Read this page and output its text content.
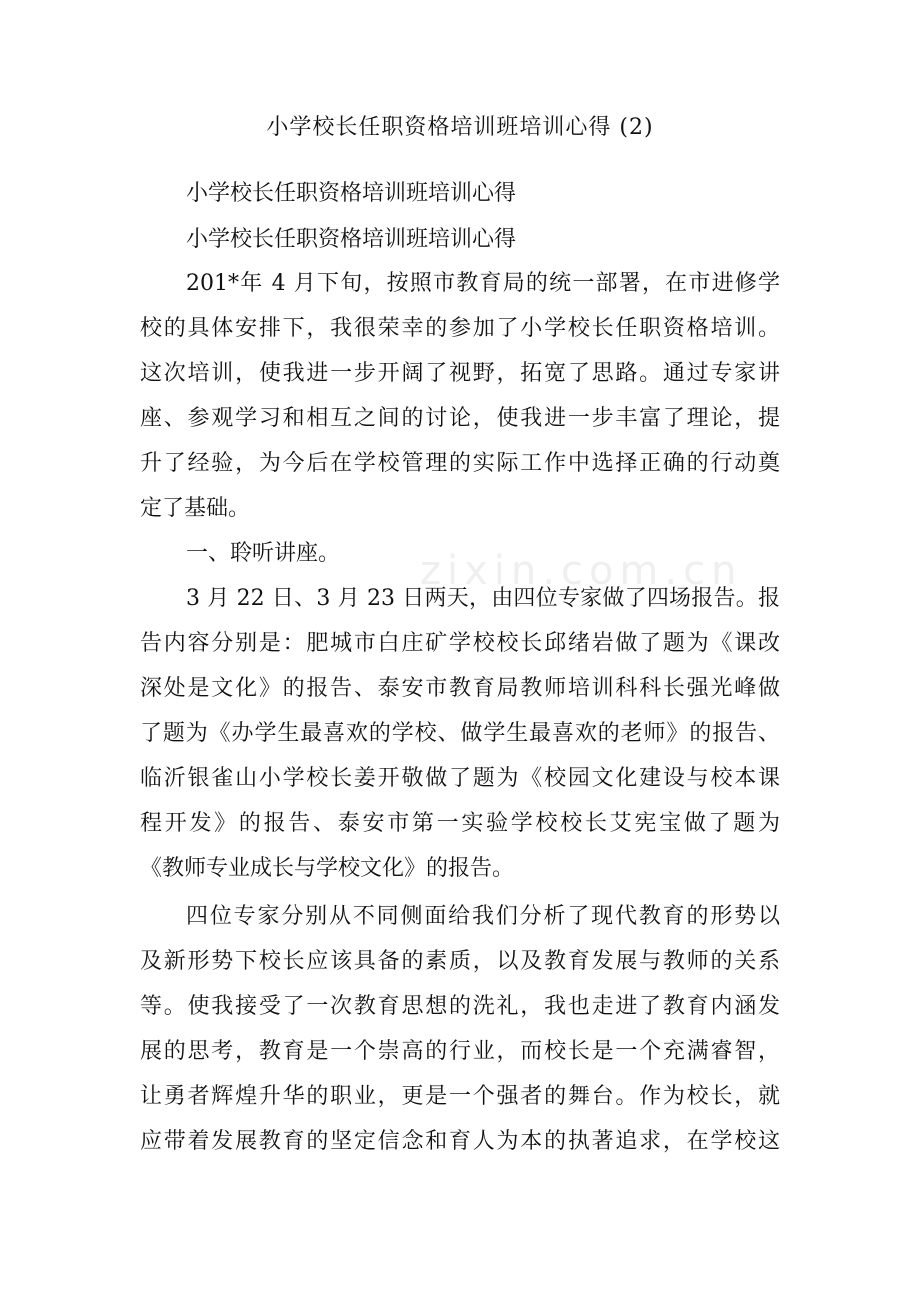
小学校长任职资格培训班培训心得 (2)
zixin.com.cn
小学校长任职资格培训班培训心得
小学校长任职资格培训班培训心得
201*年 4 月下旬，按照市教育局的统一部署，在市进修学
校的具体安排下，我很荣幸的参加了小学校长任职资格培训。
这次培训，使我进一步开阔了视野，拓宽了思路。通过专家讲
座、参观学习和相互之间的讨论，使我进一步丰富了理论，提
升了经验，为今后在学校管理的实际工作中选择正确的行动奠
定了基础。
一、聆听讲座。
3 月 22 日、3 月 23 日两天，由四位专家做了四场报告。报
告内容分别是：肥城市白庄矿学校校长邱绪岩做了题为《课改
深处是文化》的报告、泰安市教育局教师培训科科长强光峰做
了题为《办学生最喜欢的学校、做学生最喜欢的老师》的报告、
临沂银雀山小学校长姜开敬做了题为《校园文化建设与校本课
程开发》的报告、泰安市第一实验学校校长艾宪宝做了题为
《教师专业成长与学校文化》的报告。
四位专家分别从不同侧面给我们分析了现代教育的形势以
及新形势下校长应该具备的素质，以及教育发展与教师的关系
等。使我接受了一次教育思想的洗礼，我也走进了教育内涵发
展的思考，教育是一个崇高的行业，而校长是一个充满睿智，
让勇者辉煌升华的职业，更是一个强者的舞台。作为校长，就
应带着发展教育的坚定信念和育人为本的执著追求，在学校这
